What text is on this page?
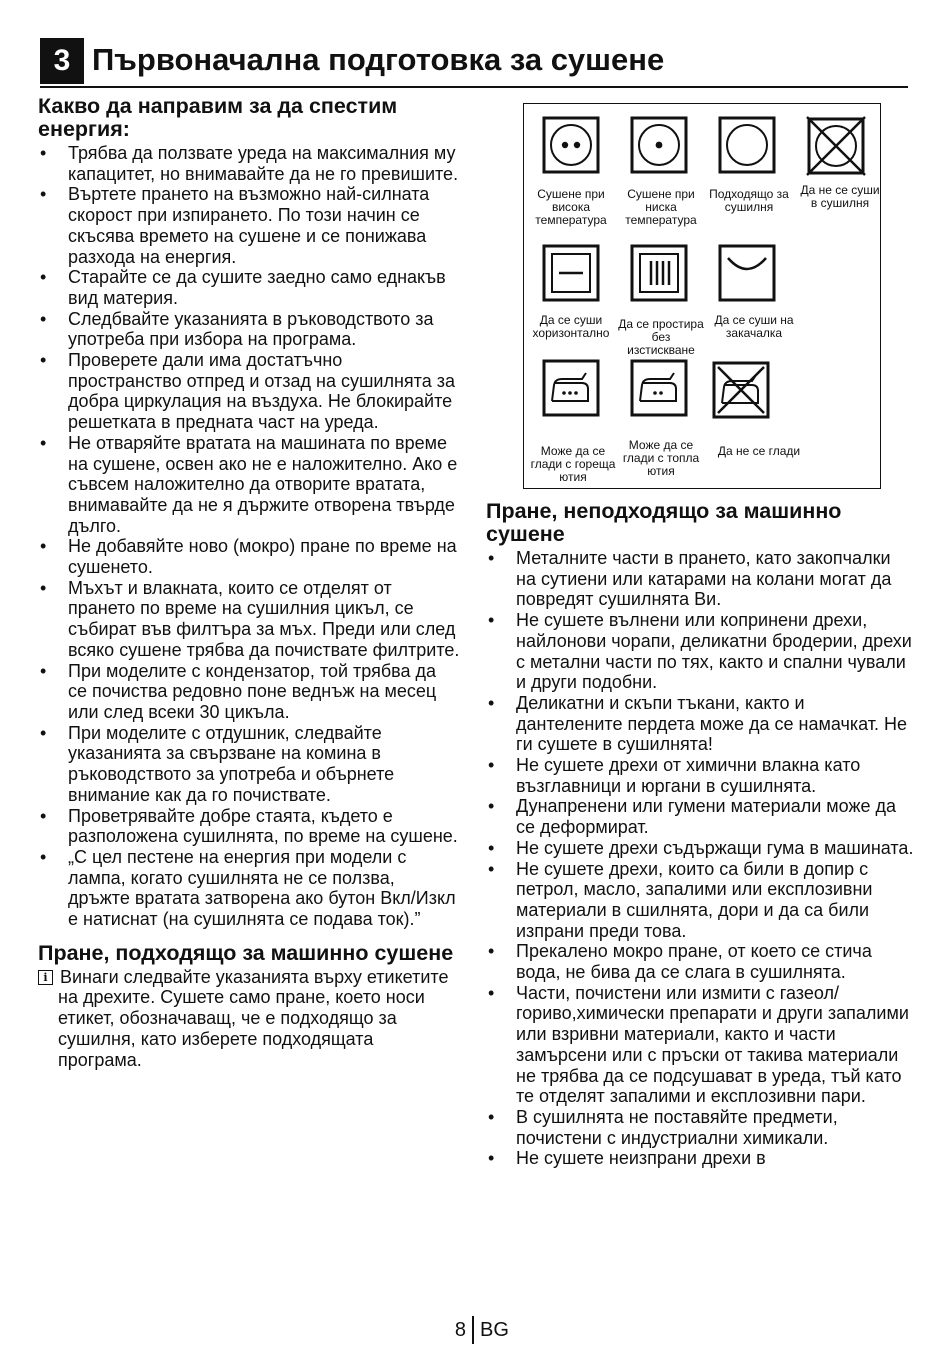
3 Първоначална подготовка за сушене
Какво да направим за да спестим енергия:
• Трябва да ползвате уреда на максималния му капацитет, но внимавайте да не го превишите.
• Въртете прането на възможно най-силната скорост при изпирането. По този начин се скъсява времето на сушене и се понижава разхода на енергия.
• Старайте се да сушите заедно само еднакъв вид материя.
• Следбвайте указанията в ръководството за употреба при избора на програма.
• Проверете дали има достатъчно пространство отпред и отзад на сушилнята за добра циркулация на въздуха. Не блокирайте решетката в предната част на уреда.
• Не отваряйте вратата на машината по време на сушене, освен ако не е наложително. Ако е съвсем наложително да отворите вратата, внимавайте да не я държите отворена твърде дълго.
• Не добавяйте ново (мокро) пране по време на сушенето.
• Мъхът и влакната, които се отделят от прането по време на сушилния цикъл, се събират във филтъра за мъх. Преди или след всяко сушене трябва да почиствате филтрите.
• При моделите с кондензатор, той трябва да се почиства редовно поне веднъж на месец или след всеки 30 цикъла.
• При моделите с отдушник, следвайте указанията за свързване на комина в ръководството за употреба и обърнете внимание как да го почиствате.
• Проветрявайте добре стаята, където е разположена сушилнята, по време на сушене.
• „С цел пестене на енергия при модели с лампа, когато сушилнята не се ползва, дръжте вратата затворена ако бутон Вкл/Изкл е натиснат (на сушилнята се подава ток).”
Пране, подходящо за машинно сушене
i Винаги следвайте указанията върху етикетите на дрехите. Сушете само пране, което носи етикет, обозначаващ, че е подходящо за сушилня, като изберете подходящата програма.
Сушене при висока температура
Сушене при ниска температура
Подходящо за сушилня
Да не се суши в сушилня
Да се суши хоризонтално
Да се простира без изстискване
Да се суши на закачалка
Може да се глади с гореща ютия
Може да се глади с топла ютия
Да не се глади
Пране, неподходящо за машинно сушене
• Металните части в прането, като закопчалки на сутиени или катарами на колани могат да повредят сушилнята Ви.
• Не сушете вълнени или копринени дрехи, найлонови чорапи, деликатни бродерии, дрехи с метални части по тях, както и спални чували и други подобни.
• Деликатни и скъпи тъкани, както и дантелените пердета може да се намачкат. Не ги сушете в сушилнята!
• Не сушете дрехи от химични влакна като възглавници и юргани в сушилнята.
• Дунапренени или гумени материали може да се деформират.
• Не сушете дрехи съдържащи гума в машината.
• Не сушете дрехи, които са били в допир с петрол, масло, запалими или експлозивни материали в сшилнята, дори и да са били изпрани преди това.
• Прекалено мокро пране, от което се стича вода, не бива да се слага в сушилнята.
• Части, почистени или измити с газеол/гориво,химически препарати и други запалими или взривни материали, както и части замърсени или с пръски от такива материали не трябва да се подсушават в уреда, тъй като те отделят запалими и експлозивни пари.
• В сушилнята не поставяйте предмети, почистени с индустриални химикали.
• Не сушете неизпрани дрехи в
8 BG
